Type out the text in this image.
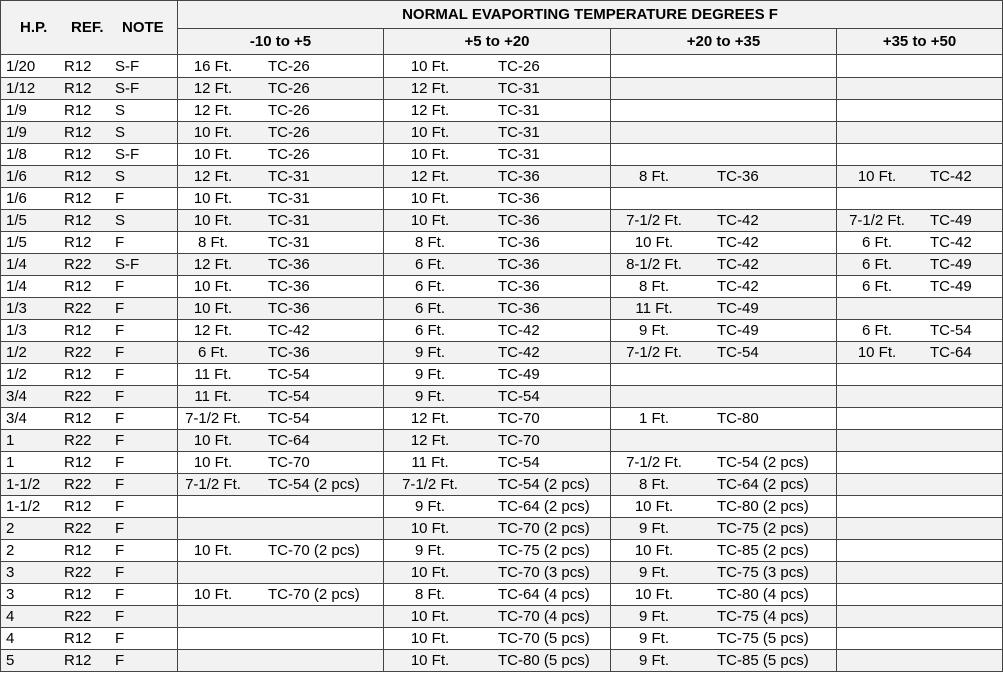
H.P. REF. NOTE	NORMAL EVAPORTING TEMPERATURE DEGREES F			
	-10 to +5	+5 to +20	+20 to +35	+35 to +50

1/20 R12 S-F	16 Ft. TC-26	10 Ft. TC-26		

1/12 R12 S-F	12 Ft. TC-26	12 Ft. TC-31		

1/9 R12 S	12 Ft. TC-26	12 Ft. TC-31		

1/9 R12 S	10 Ft. TC-26	10 Ft. TC-31		

1/8 R12 S-F	10 Ft. TC-26	10 Ft. TC-31		

1/6 R12 S	12 Ft. TC-31	12 Ft. TC-36	8 Ft. TC-36	10 Ft. TC-42

1/6 R12 F	10 Ft. TC-31	10 Ft. TC-36		

1/5 R12 S	10 Ft. TC-31	10 Ft. TC-36	7-1/2 Ft. TC-42	7-1/2 Ft. TC-49

1/5 R12 F	8 Ft. TC-31	8 Ft. TC-36	10 Ft. TC-42	6 Ft. TC-42

1/4 R22 S-F	12 Ft. TC-36	6 Ft. TC-36	8-1/2 Ft. TC-42	6 Ft. TC-49

1/4 R12 F	10 Ft. TC-36	6 Ft. TC-36	8 Ft. TC-42	6 Ft. TC-49

1/3 R22 F	10 Ft. TC-36	6 Ft. TC-36	11 Ft. TC-49	

1/3 R12 F	12 Ft. TC-42	6 Ft. TC-42	9 Ft. TC-49	6 Ft. TC-54

1/2 R22 F	6 Ft. TC-36	9 Ft. TC-42	7-1/2 Ft. TC-54	10 Ft. TC-64

1/2 R12 F	11 Ft. TC-54	9 Ft. TC-49		

3/4 R22 F	11 Ft. TC-54	9 Ft. TC-54		

3/4 R12 F	7-1/2 Ft. TC-54	12 Ft. TC-70	1 Ft. TC-80	

1 R22 F	10 Ft. TC-64	12 Ft. TC-70		

1 R12 F	10 Ft. TC-70	11 Ft. TC-54	7-1/2 Ft. TC-54 (2 pcs)	

1-1/2 R22 F	7-1/2 Ft. TC-54 (2 pcs)	7-1/2 Ft. TC-54 (2 pcs)	8 Ft. TC-64 (2 pcs)	

1-1/2 R12 F		9 Ft. TC-64 (2 pcs)	10 Ft. TC-80 (2 pcs)	

2 R22 F		10 Ft. TC-70 (2 pcs)	9 Ft. TC-75 (2 pcs)	

2 R12 F	10 Ft. TC-70 (2 pcs)	9 Ft. TC-75 (2 pcs)	10 Ft. TC-85 (2 pcs)	

3 R22 F		10 Ft. TC-70 (3 pcs)	9 Ft. TC-75 (3 pcs)	

3 R12 F	10 Ft. TC-70 (2 pcs)	8 Ft. TC-64 (4 pcs)	10 Ft. TC-80 (4 pcs)	

4 R22 F		10 Ft. TC-70 (4 pcs)	9 Ft. TC-75 (4 pcs)	

4 R12 F		10 Ft. TC-70 (5 pcs)	9 Ft. TC-75 (5 pcs)	

5 R12 F		10 Ft. TC-80 (5 pcs)	9 Ft. TC-85 (5 pcs)	
